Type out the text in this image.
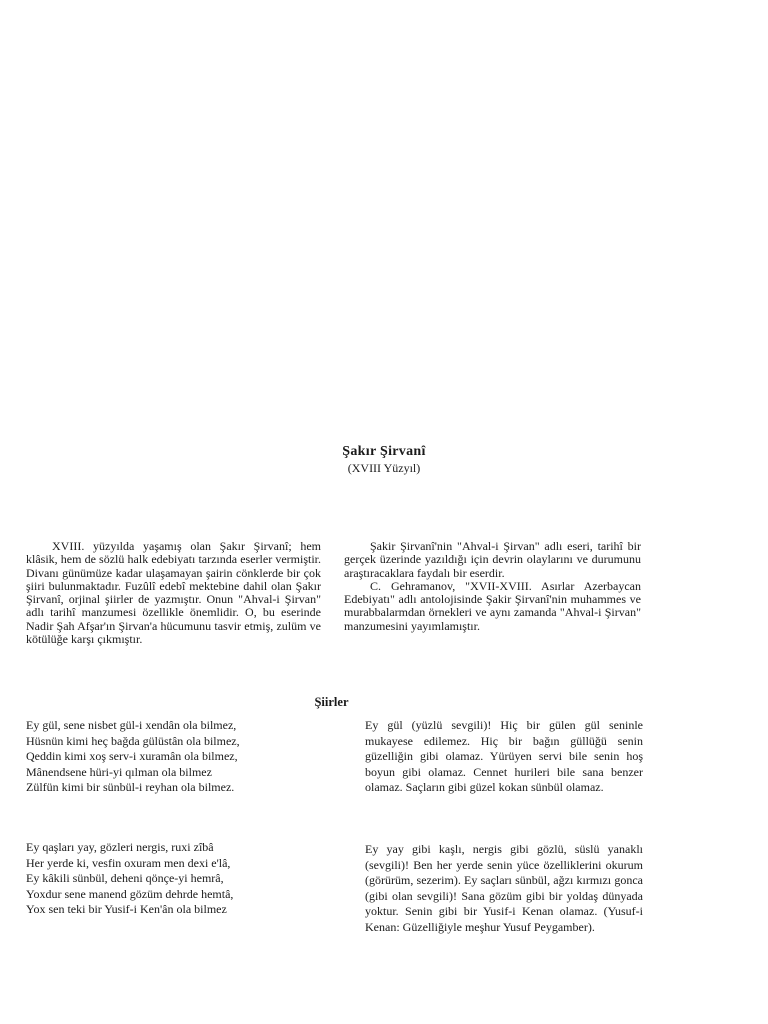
Şakır Şirvanî
(XVIII Yüzyıl)

XVIII. yüzyılda yaşamış olan Şakır Şirvanî; hem klâsik, hem de sözlü halk edebiyatı tarzında eserler vermiştir. Divanı günümüze kadar ulaşamayan şairin cönklerde bir çok şiiri bulunmaktadır. Fuzûlî edebî mektebine dahil olan Şakır Şirvanî, orjinal şiirler de yazmıştır. Onun "Ahval-i Şirvan" adlı tarihî manzumesi özellikle önemlidir. O, bu eserinde Nadir Şah Afşar'ın Şirvan'a hücumunu tasvir etmiş, zulüm ve kötülüğe karşı çıkmıştır.

Şakir Şirvanî'nin "Ahval-i Şirvan" adlı eseri, tarihî bir gerçek üzerinde yazıldığı için devrin olaylarını ve durumunu araştıracaklara faydalı bir eserdir.

C. Gehramanov, "XVII-XVIII. Asırlar Azerbaycan Edebiyatı" adlı antolojisinde Şakir Şirvanî'nin muhammes ve murabbalarmdan örnekleri ve aynı zamanda "Ahval-i Şirvan" manzumesini yayımlamıştır.

Şiirler
Ey gül, sene nisbet gül-i xendân ola bilmez,
Hüsnün kimi heç bağda gülüstân ola bilmez,
Qeddin kimi xoş serv-i xuramân ola bilmez,
Mânendsene hüri-yi qılman ola bilmez
Zülfün kimi bir sünbül-i reyhan ola bilmez.
Ey gül (yüzlü sevgili)! Hiç bir gülen gül seninle mukayese edilemez. Hiç bir bağın güllüğü senin güzelliğin gibi olamaz. Yürüyen servi bile senin hoş boyun gibi olamaz. Cennet hurileri bile sana benzer olamaz. Saçların gibi güzel kokan sünbül olamaz.
Ey qaşları yay, gözleri nergis, ruxi zîbâ
Her yerde ki, vesfin oxuram men dexi e'lâ,
Ey kâkili sünbül, deheni qönçe-yi hemrâ,
Yoxdur sene manend gözüm dehrde hemtâ,
Yox sen teki bir Yusif-i Ken'ân ola bilmez
Ey yay gibi kaşlı, nergis gibi gözlü, süslü yanaklı (sevgili)! Ben her yerde senin yüce özelliklerini okurum (görürüm, sezerim). Ey saçları sünbül, ağzı kırmızı gonca (gibi olan sevgili)! Sana gözüm gibi bir yoldaş dünyada yoktur. Senin gibi bir Yusif-i Kenan olamaz. (Yusuf-i Kenan: Güzelliğiyle meşhur Yusuf Peygamber).
